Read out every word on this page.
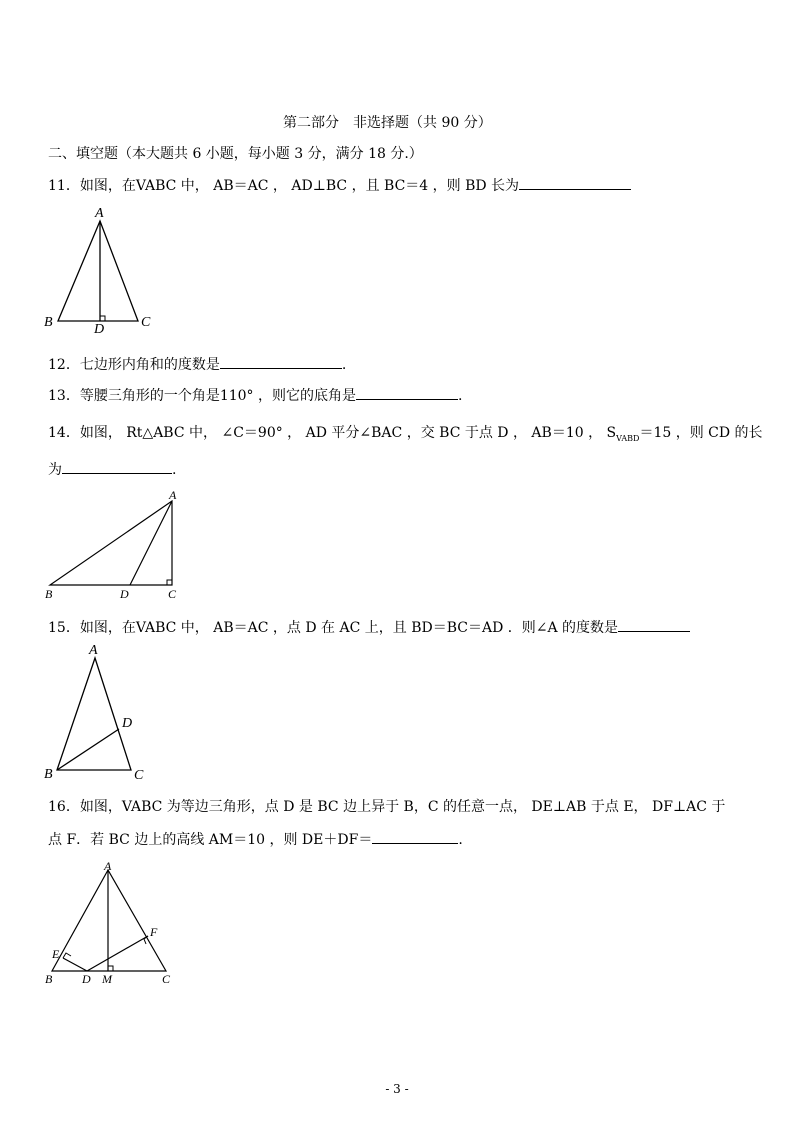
第二部分　非选择题（共 90 分）
二、填空题（本大题共 6 小题，每小题 3 分，满分 18 分.）
11．如图，在VABC 中， AB＝AC ， AD⊥BC ，且 BC＝4 ，则 BD 长为
A
B	C
D
12．七边形内角和的度数是	.
13．等腰三角形的一个角是110° ，则它的底角是	.
14．如图， Rt△ABC 中， ∠C＝90° ， AD 平分∠BAC ，交 BC 于点 D ， AB＝10 ， $S_{VABD}=15$ ，则 CD 的长
为	.
A
B	D	C
15．如图，在VABC 中， AB＝AC ，点 D 在 AC 上，且 BD＝BC＝AD ．则∠A 的度数是
A
D
B	C
16．如图，VABC 为等边三角形，点 D 是 BC 边上异于 B，C 的任意一点， DE⊥AB 于点 E， DF⊥AC 于
点 F．若 BC 边上的高线 AM＝10 ，则 DE＋DF＝	.
A
F
E
B D M	C
- 3 -
